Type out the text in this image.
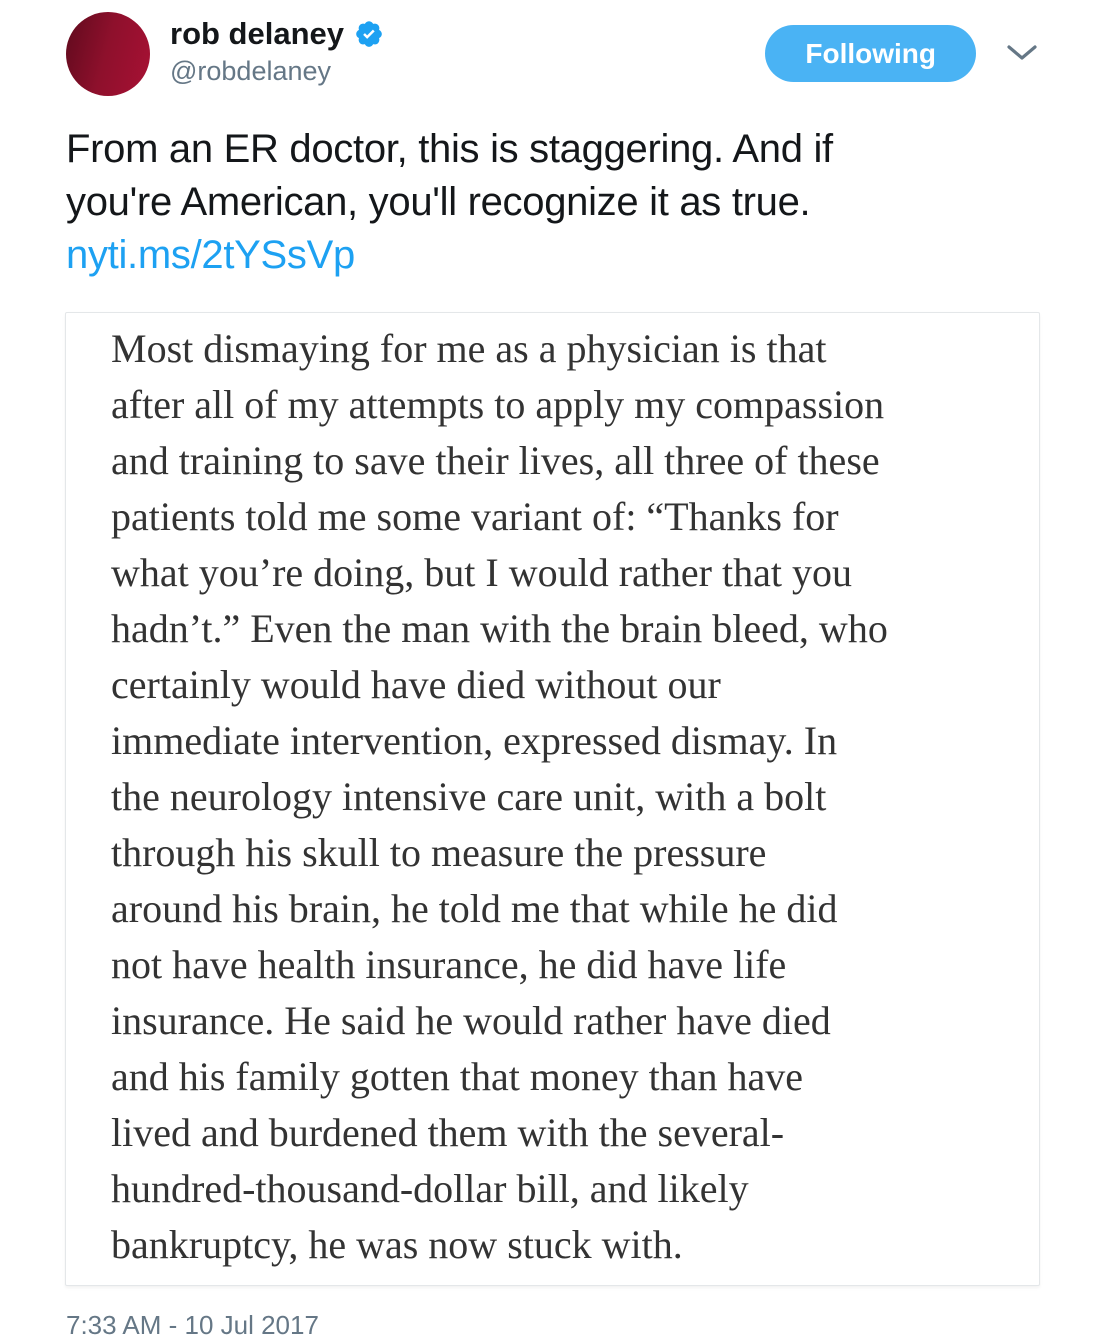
rob delaney
@robdelaney
Following
From an ER doctor, this is staggering. And if
you're American, you'll recognize it as true.
nyti.ms/2tYSsVp
Most dismaying for me as a physician is that
after all of my attempts to apply my compassion
and training to save their lives, all three of these
patients told me some variant of: “Thanks for
what you’re doing, but I would rather that you
hadn’t.” Even the man with the brain bleed, who
certainly would have died without our
immediate intervention, expressed dismay. In
the neurology intensive care unit, with a bolt
through his skull to measure the pressure
around his brain, he told me that while he did
not have health insurance, he did have life
insurance. He said he would rather have died
and his family gotten that money than have
lived and burdened them with the several-
hundred-thousand-dollar bill, and likely
bankruptcy, he was now stuck with.
7:33 AM - 10 Jul 2017
